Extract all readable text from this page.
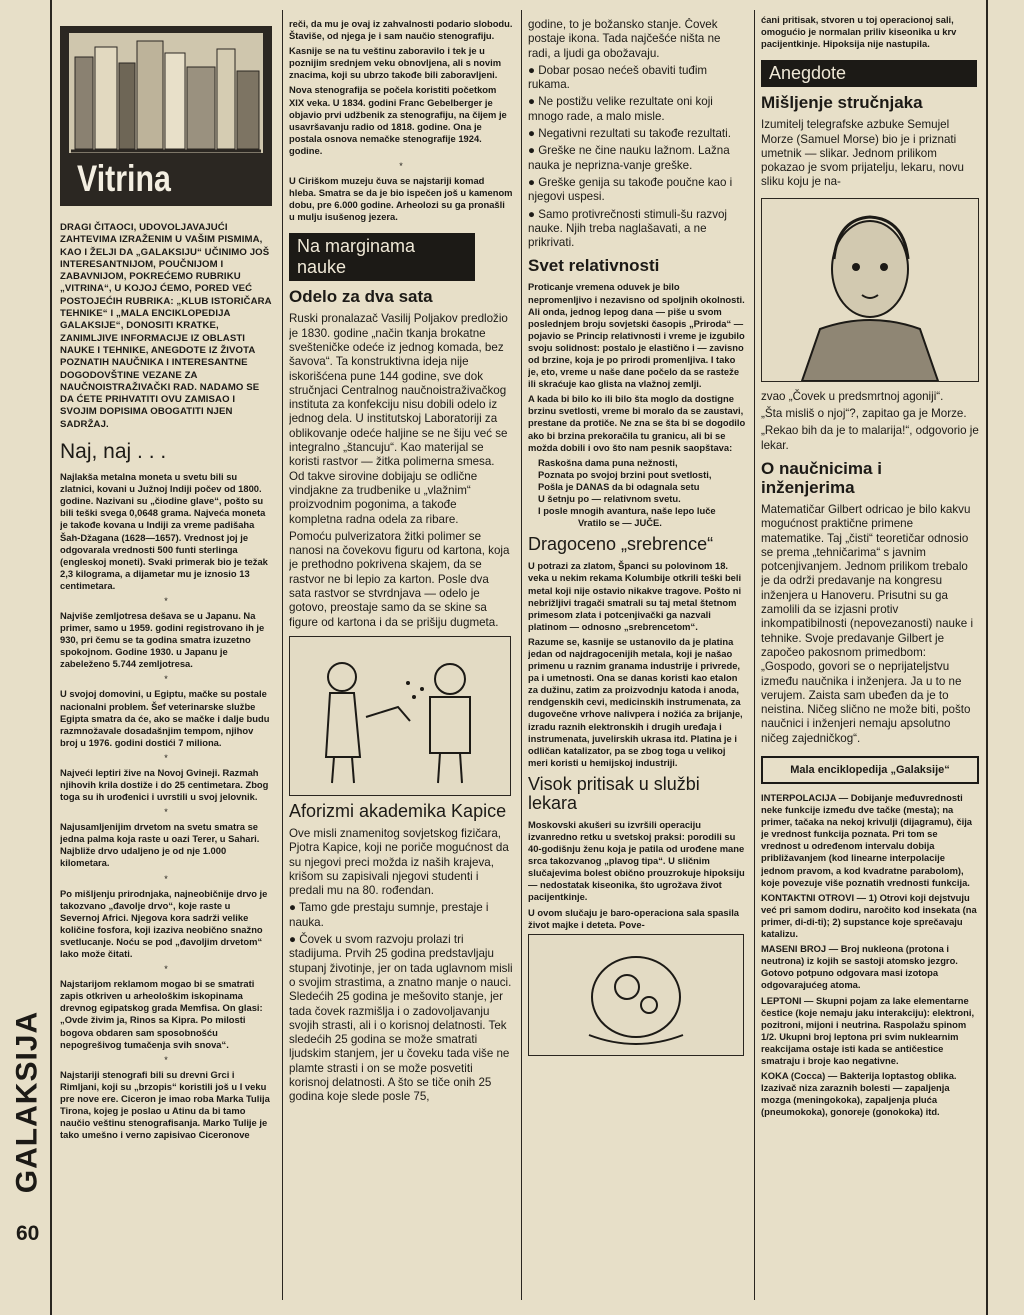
GALAKSIJA
60
Vitrina

DRAGI ČITAOCI, UDOVOLJAVAJUĆI ZAHTEVIMA IZRAŽENIM U VAŠIM PISMIMA, KAO I ŽELJI DA „GALAKSIJU“ UČINIMO JOŠ INTERESANTNIJOM, POUČNIJOM I ZABAVNIJOM, POKREĆEMO RUBRIKU „VITRINA“, U KOJOJ ĆEMO, PORED VEĆ POSTOJEĆIH RUBRIKA: „KLUB ISTORIČARA TEHNIKE“ I „MALA ENCIKLOPEDIJA GALAKSIJE“, DONOSITI KRATKE, ZANIMLJIVE INFORMACIJE IZ OBLASTI NAUKE I TEHNIKE, ANEGDOTE IZ ŽIVOTA POZNATIH NAUČNIKA I INTERESANTNE DOGODOVŠTINE VEZANE ZA NAUČNOISTRAŽIVAČKI RAD. NADAMO SE DA ĆETE PRIHVATITI OVU ZAMISAO I SVOJIM DOPISIMA OBOGATITI NJEN SADRŽAJ.

Naj, naj . . .

Najlakša metalna moneta u svetu bili su zlatnici, kovani u Južnoj Indiji počev od 1800. godine. Nazivani su „čiodine glave“, pošto su bili teški svega 0,0648 grama. Najveća moneta je takođe kovana u Indiji za vreme padišaha Šah-Džagana (1628—1657). Vrednost joj je odgovarala vrednosti 500 funti sterlinga (engleskoj moneti). Svaki primerak bio je težak 2,3 kilograma, a dijametar mu je iznosio 13 centimetara.

*

Najviše zemljotresa dešava se u Japanu. Na primer, samo u 1959. godini registrovano ih je 930, pri čemu se ta godina smatra izuzetno spokojnom. Godine 1930. u Japanu je zabeleženo 5.744 zemljotresa.

*

U svojoj domovini, u Egiptu, mačke su postale nacionalni problem. Šef veterinarske službe Egipta smatra da će, ako se mačke i dalje budu razmnožavale dosadašnjim tempom, njihov broj u 1976. godini dostići 7 miliona.

*

Najveći leptiri žive na Novoj Gvineji. Razmah njihovih krila dostiže i do 25 centimetara. Zbog toga su ih urođenici i uvrstili u svoj jelovnik.

*

Najusamljenijim drvetom na svetu smatra se jedna palma koja raste u oazi Terer, u Sahari. Najbliže drvo udaljeno je od nje 1.000 kilometara.

*

Po mišljenju prirodnjaka, najneobičnije drvo je takozvano „đavolje drvo“, koje raste u Severnoj Africi. Njegova kora sadrži velike količine fosfora, koji izaziva neobično snažno svetlucanje. Noću se pod „đavoljim drvetom“ lako može čitati.

*

Najstarijom reklamom mogao bi se smatrati zapis otkriven u arheološkim iskopinama drevnog egipatskog grada Memfisa. On glasi: „Ovde živim ja, Rinos sa Kipra. Po milosti bogova obdaren sam sposobnošću nepogrešivog tumačenja svih snova“.

*

Najstariji stenografi bili su drevni Grci i Rimljani, koji su „brzopis“ koristili još u I veku pre nove ere. Ciceron je imao roba Marka Tulija Tirona, kojeg je poslao u Atinu da bi tamo naučio veštinu stenografisanja. Marko Tulije je tako umešno i verno zapisivao Ciceronove

reči, da mu je ovaj iz zahvalnosti podario slobodu. Štaviše, od njega je i sam naučio stenografiju.

Kasnije se na tu veštinu zaboravilo i tek je u poznijim srednjem veku obnovljena, ali s novim znacima, koji su ubrzo takođe bili zaboravljeni.

Nova stenografija se počela koristiti početkom XIX veka. U 1834. godini Franc Gebelberger je objavio prvi udžbenik za stenografiju, na čijem je usavršavanju radio od 1818. godine. Ona je postala osnova nemačke stenografije 1924. godine.

*

U Ciriškom muzeju čuva se najstariji komad hleba. Smatra se da je bio ispečen još u kamenom dobu, pre 6.000 godine. Arheolozi su ga pronašli u mulju isušenog jezera.

Na marginama nauke
Odelo za dva sata

Ruski pronalazač Vasilij Poljakov predložio je 1830. godine „način tkanja brokatne svešteničke odeće iz jednog komada, bez šavova“. Ta konstruktivna ideja nije iskorišćena pune 144 godine, sve dok stručnjaci Centralnog naučnoistraživačkog instituta za konfekciju nisu dobili odelo iz jednog dela. U institutskoj Laboratoriji za oblikovanje odeće haljine se ne šiju već se integralno „štancuju“. Kao materijal se koristi rastvor — žitka polimerna smesa. Od takve sirovine dobijaju se odlične vindjakne za trudbenike u „vlažnim“ proizvodnim pogonima, a takođe kompletna radna odela za ribare.

Pomoću pulverizatora žitki polimer se nanosi na čovekovu figuru od kartona, koja je prethodno pokrivena skajem, da se rastvor ne bi lepio za karton. Posle dva sata rastvor se stvrdnjava — odelo je gotovo, preostaje samo da se skine sa figure od kartona i da se prišiju dugmeta.

Aforizmi akademika Kapice

Ove misli znamenitog sovjetskog fizičara, Pjotra Kapice, koji ne poriče mogućnost da su njegovi preci možda iz naših krajeva, krišom su zapisivali njegovi studenti i predali mu na 80. rođendan.

● Tamo gde prestaju sumnje, prestaje i nauka.

● Čovek u svom razvoju prolazi tri stadijuma. Prvih 25 godina predstavljaju stupanj životinje, jer on tada uglavnom misli o svojim strastima, a znatno manje o nauci. Sledećih 25 godina je mešovito stanje, jer tada čovek razmišlja i o zadovoljavanju svojih strasti, ali i o korisnoj delatnosti. Tek sledećih 25 godina se može smatrati ljudskim stanjem, jer u čoveku tada više ne plamte strasti i on se može posvetiti korisnoj delatnosti. A što se tiče onih 25 godina koje slede posle 75,

godine, to je božansko stanje. Čovek postaje ikona. Tada najčešće ništa ne radi, a ljudi ga obožavaju.

● Dobar posao nećeš obaviti tuđim rukama.

● Ne postižu velike rezultate oni koji mnogo rade, a malo misle.

● Negativni rezultati su takođe rezultati.

● Greške ne čine nauku lažnom. Lažna nauka je neprizna-vanje greške.

● Greške genija su takođe poučne kao i njegovi uspesi.

● Samo protivrečnosti stimuli-šu razvoj nauke. Njih treba naglašavati, a ne prikrivati.

Svet relativnosti

Proticanje vremena oduvek je bilo nepromenljivo i nezavisno od spoljnih okolnosti. Ali onda, jednog lepog dana — piše u svom poslednjem broju sovjetski časopis „Priroda“ — pojavio se Princip relativnosti i vreme je izgubilo svoju solidnost: postalo je elastično i — zavisno od brzine, koja je po prirodi promenljiva. I tako je, eto, vreme u naše dane počelo da se rasteže ili skraćuje kao glista na vlažnoj zemlji.

A kada bi bilo ko ili bilo šta moglo da dostigne brzinu svetlosti, vreme bi moralo da se zaustavi, prestane da protiče. Ne zna se šta bi se dogodilo ako bi brzina prekoračila tu granicu, ali bi se možda dobili i ovo što nam pesnik saopštava:

Raskošna dama puna nežnosti,
Poznata po svojoj brzini pout svetlosti,
Pošla je DANAS da bi odagnala setu
U šetnju po — relativnom svetu.
I posle mnogih avantura, naše lepo luče
Vratilo se — JUČE.
Dragoceno „srebrence“

U potrazi za zlatom, Španci su polovinom 18. veka u nekim rekama Kolumbije otkrili teški beli metal koji nije ostavio nikakve tragove. Pošto ni nebrižljivi tragači smatrali su taj metal štetnom primesom zlata i potcenjivački ga nazvali platinom — odnosno „srebrencetom“.

Razume se, kasnije se ustanovilo da je platina jedan od najdragocenijih metala, koji je našao primenu u raznim granama industrije i privrede, pa i umetnosti. Ona se danas koristi kao etalon za dužinu, zatim za proizvodnju katoda i anoda, rendgenskih cevi, medicinskih instrumenata, za dugovečne vrhove nalivpera i nožića za brijanje, izradu raznih elektronskih i drugih uređaja i instrumenata, juvelirskih ukrasa itd. Platina je i odličan katalizator, pa se zbog toga u velikoj meri koristi u hemijskoj industriji.

Visok pritisak u službi lekara

Moskovski akušeri su izvršili operaciju izvanredno retku u svetskoj praksi: porodili su 40-godišnju ženu koja je patila od urođene mane srca takozvanog „plavog tipa“. U sličnim slučajevima bolest obično prouzrokuje hipoksiju — nedostatak kiseonika, što ugrožava život pacijentkinje.

U ovom slučaju je baro-operaciona sala spasila život majke i deteta. Pove-

ćani pritisak, stvoren u toj operacionoj sali, omogućio je normalan priliv kiseonika u krv pacijentkinje. Hipoksija nije nastupila.

Anegdote
Mišljenje stručnjaka

Izumitelj telegrafske azbuke Semujel Morze (Samuel Morse) bio je i priznati umetnik — slikar. Jednom prilikom pokazao je svom prijatelju, lekaru, novu sliku koju je na-

zvao „Čovek u predsmrtnoj agoniji“.

„Šta misliš o njoj“?, zapitao ga je Morze.

„Rekao bih da je to malarija!“, odgovorio je lekar.

O naučnicima i inženjerima

Matematičar Gilbert odricao je bilo kakvu mogućnost praktične primene matematike. Taj „čisti“ teoretičar odnosio se prema „tehničarima“ s javnim potcenjivanjem. Jednom prilikom trebalo je da održi predavanje na kongresu inženjera u Hanoveru. Prisutni su ga zamolili da se izjasni protiv inkompatibilnosti (nepovezanosti) nauke i tehnike. Svoje predavanje Gilbert je započeo pakosnom primedbom: „Gospodo, govori se o neprijateljstvu između naučnika i inženjera. Ja u to ne verujem. Zaista sam ubeđen da je to neistina. Ničeg slično ne može biti, pošto naučnici i inženjeri nemaju apsolutno ničeg zajedničkog“.

Mala enciklopedija „Galaksije“

INTERPOLACIJA — Dobijanje međuvrednosti neke funkcije između dve tačke (mesta); na primer, tačaka na nekoj krivulji (dijagramu), čija je vrednost funkcija poznata. Pri tom se vrednost u određenom intervalu dobija približavanjem (kod linearne interpolacije jednom pravom, a kod kvadratne parabolom), koje povezuje više poznatih vrednosti funkcija.

KONTAKTNI OTROVI — 1) Otrovi koji dejstvuju već pri samom dodiru, naročito kod insekata (na primer, di-di-ti); 2) supstance koje sprečavaju katalizu.

MASENI BROJ — Broj nukleona (protona i neutrona) iz kojih se sastoji atomsko jezgro. Gotovo potpuno odgovara masi izotopa odgovarajućeg atoma.

LEPTONI — Skupni pojam za lake elementarne čestice (koje nemaju jaku interakciju): elektroni, pozitroni, mijoni i neutrina. Raspolažu spinom 1/2. Ukupni broj leptona pri svim nuklearnim reakcijama ostaje isti kada se antičestice smatraju i broje kao negativne.

KOKA (Cocca) — Bakterija loptastog oblika. Izazivač niza zaraznih bolesti — zapaljenja mozga (meningokoka), zapaljenja pluća (pneumokoka), gonoreje (gonokoka) itd.
